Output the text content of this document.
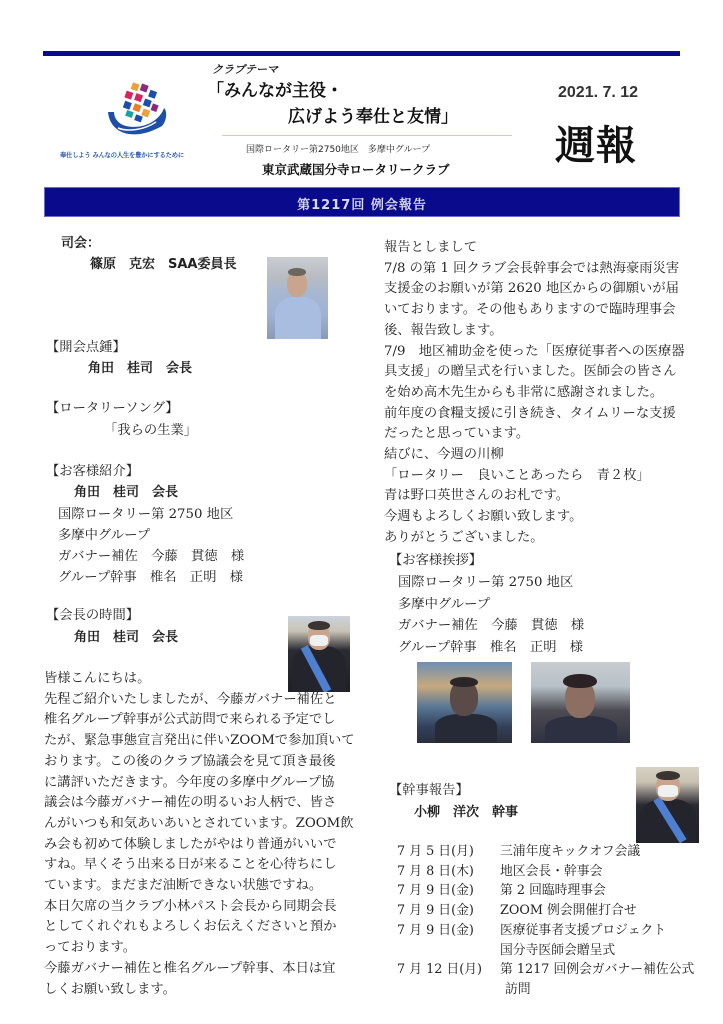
奉仕しよう みんなの人生を豊かにするために
クラブテーマ
「みんなが主役・
広げよう奉仕と友情」
国際ロータリー第2750地区　多摩中グループ
東京武蔵国分寺ロータリークラブ
2021. 7. 12
週報
第1217回 例会報告
司会：
篠原　克宏　SAA委員長
【開会点鍾】
角田　桂司　会長
【ロータリーソング】
「我らの生業」
【お客様紹介】
角田　桂司　会長
国際ロータリー第 2750 地区
多摩中グループ
ガバナー補佐　今藤　貫徳　様
グループ幹事　椎名　正明　様
【会長の時間】
角田　桂司　会長
皆様こんにちは。
先程ご紹介いたしましたが、今藤ガバナー補佐と
椎名グループ幹事が公式訪問で来られる予定でし
たが、緊急事態宣言発出に伴いZOOMで参加頂いて
おります。この後のクラブ協議会を見て頂き最後
に講評いただきます。今年度の多摩中グループ協
議会は今藤ガバナー補佐の明るいお人柄で、皆さ
んがいつも和気あいあいとされています。ZOOM飲
み会も初めて体験しましたがやはり普通がいいで
すね。早くそう出来る日が来ることを心待ちにし
ています。まだまだ油断できない状態ですね。
本日欠席の当クラブ小林パスト会長から同期会長
としてくれぐれもよろしくお伝えくださいと預か
っております。
今藤ガバナー補佐と椎名グループ幹事、本日は宜
しくお願い致します。
報告としまして
7/8 の第 1 回クラブ会長幹事会では熱海豪雨災害
支援金のお願いが第 2620 地区からの御願いが届
いております。その他もありますので臨時理事会
後、報告致します。
7/9　地区補助金を使った「医療従事者への医療器
具支援」の贈呈式を行いました。医師会の皆さん
を始め高木先生からも非常に感謝されました。
前年度の食糧支援に引き続き、タイムリーな支援
だったと思っています。
結びに、今週の川柳
「ロータリー　良いことあったら　青２枚」
青は野口英世さんのお札です。
今週もよろしくお願い致します。
ありがとうございました。
【お客様挨拶】
国際ロータリー第 2750 地区
多摩中グループ
ガバナー補佐　今藤　貫徳　様
グループ幹事　椎名　正明　様
【幹事報告】
小柳　洋次　幹事
7 月 5 日(月) 三浦年度キックオフ会議
7 月 8 日(木) 地区会長・幹事会
7 月 9 日(金) 第 2 回臨時理事会
7 月 9 日(金) ZOOM 例会開催打合せ
7 月 9 日(金) 医療従事者支援プロジェクト
国分寺医師会贈呈式
7 月 12 日(月) 第 1217 回例会ガバナー補佐公式
訪問
